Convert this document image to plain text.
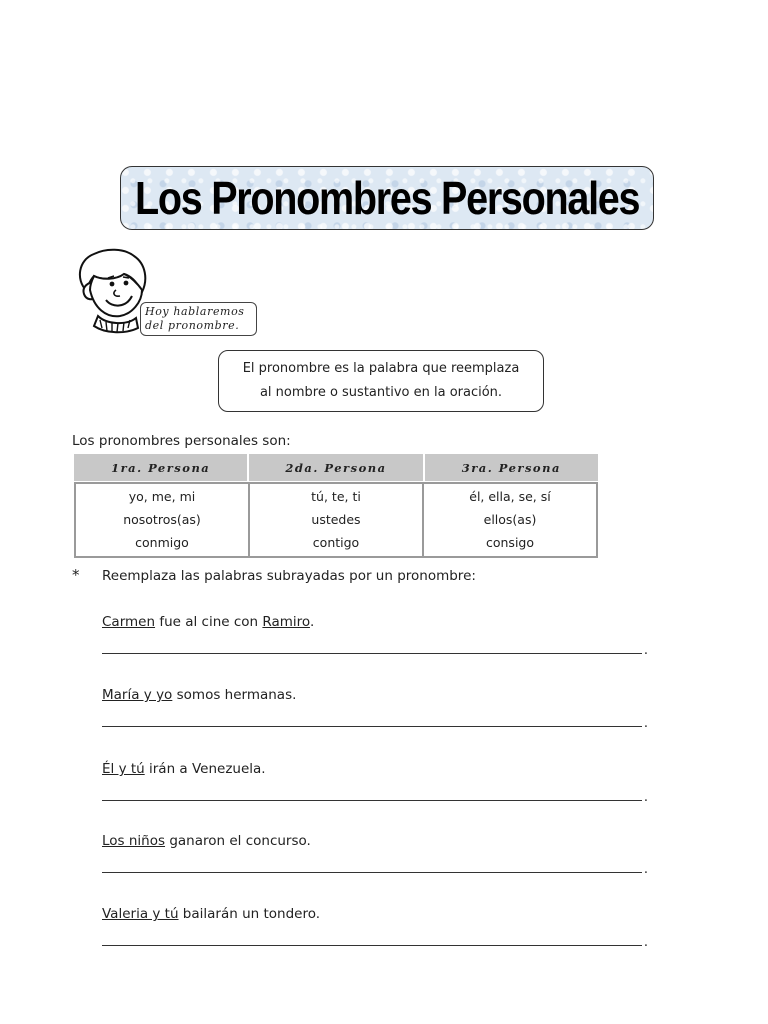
Los Pronombres Personales
Hoy hablaremos
del pronombre.
El pronombre es la palabra que reemplaza
al nombre o sustantivo en la oración.
Los pronombres personales son:
1ra. Persona	2da. Persona	3ra. Persona
yo, me, mi
nosotros(as)
conmigo
tú, te, ti
ustedes
contigo
él, ella, se, sí
ellos(as)
consigo
* Reemplaza las palabras subrayadas por un pronombre:
Carmen fue al cine con Ramiro.
.
María y yo somos hermanas.
.
Él y tú irán a Venezuela.
.
Los niños ganaron el concurso.
.
Valeria y tú bailarán un tondero.
.
